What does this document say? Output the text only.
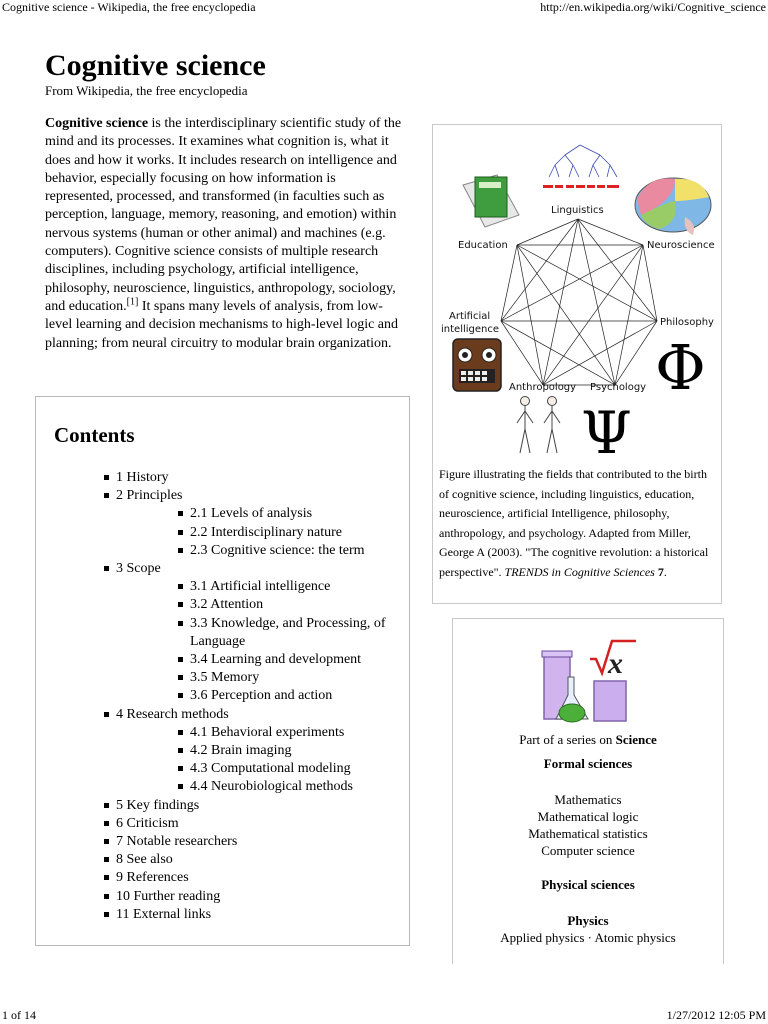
Cognitive science - Wikipedia, the free encyclopedia	http://en.wikipedia.org/wiki/Cognitive_science
Cognitive science
From Wikipedia, the free encyclopedia

Cognitive science is the interdisciplinary scientific study of the mind and its processes. It examines what cognition is, what it does and how it works. It includes research on intelligence and behavior, especially focusing on how information is represented, processed, and transformed (in faculties such as perception, language, memory, reasoning, and emotion) within nervous systems (human or other animal) and machines (e.g. computers). Cognitive science consists of multiple research disciplines, including psychology, artificial intelligence, philosophy, neuroscience, linguistics, anthropology, sociology, and education.[1] It spans many levels of analysis, from low-level learning and decision mechanisms to high-level logic and planning; from neural circuitry to modular brain organization.

Contents
1 History
2 Principles
2.1 Levels of analysis
2.2 Interdisciplinary nature
2.3 Cognitive science: the term
3 Scope
3.1 Artificial intelligence
3.2 Attention
3.3 Knowledge, and Processing, of Language
3.4 Learning and development
3.5 Memory
3.6 Perception and action
4 Research methods
4.1 Behavioral experiments
4.2 Brain imaging
4.3 Computational modeling
4.4 Neurobiological methods
5 Key findings
6 Criticism
7 Notable researchers
8 See also
9 References
10 Further reading
11 External links
Linguistics
Education	Neuroscience
Artificial
intelligence
Philosophy
Anthropology Psychology Φ
Ψ
Figure illustrating the fields that contributed to the birth of cognitive science, including linguistics, education, neuroscience, artificial Intelligence, philosophy, anthropology, and psychology. Adapted from Miller, George A (2003). "The cognitive revolution: a historical perspective". TRENDS in Cognitive Sciences 7.
x
Part of a series on Science
Formal sciences
Mathematics
Mathematical logic
Mathematical statistics
Computer science
Physical sciences
Physics
Applied physics · Atomic physics
1 of 14	1/27/2012 12:05 PM
